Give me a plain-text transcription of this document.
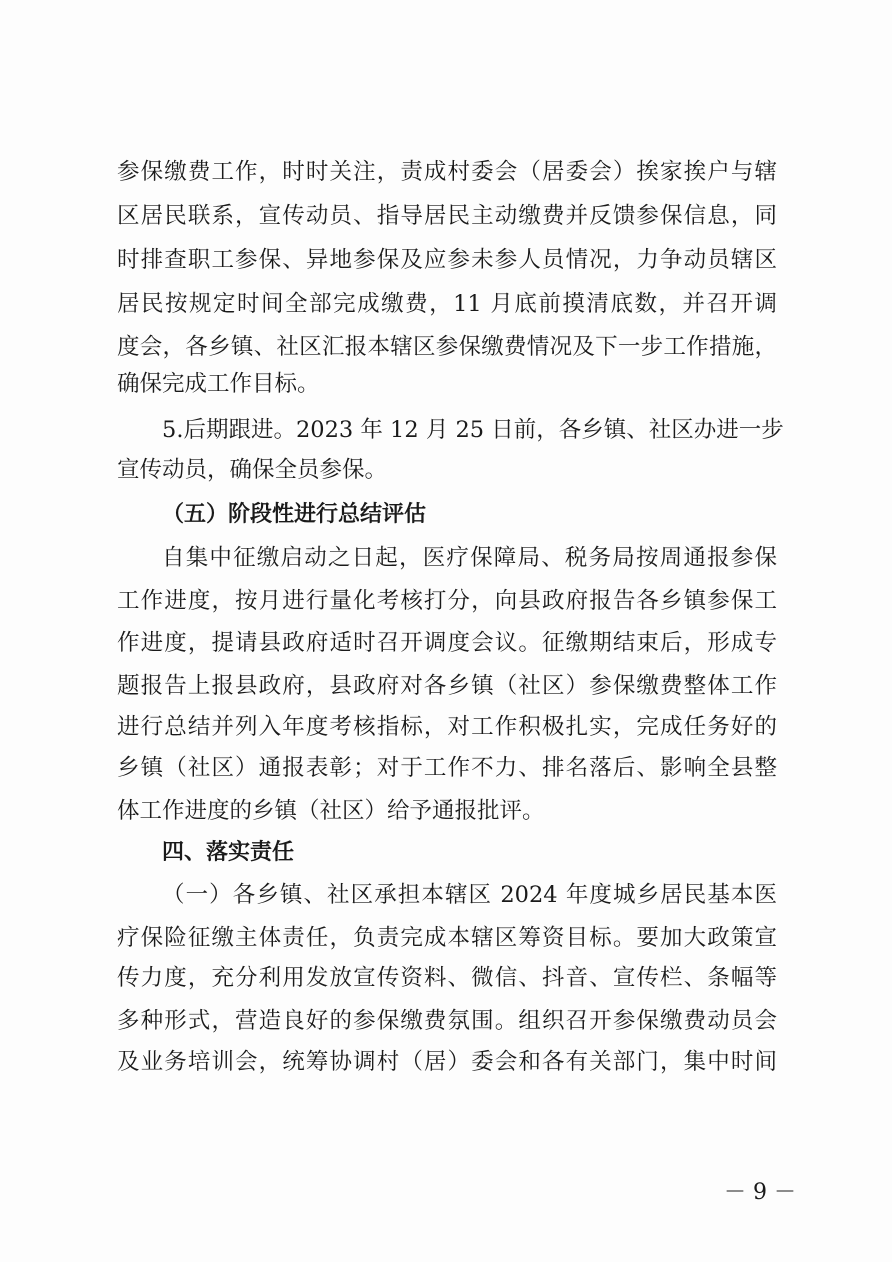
参保缴费工作，时时关注，责成村委会（居委会）挨家挨户与辖
区居民联系，宣传动员、指导居民主动缴费并反馈参保信息，同
时排查职工参保、异地参保及应参未参人员情况，力争动员辖区
居民按规定时间全部完成缴费，11 月底前摸清底数，并召开调
度会，各乡镇、社区汇报本辖区参保缴费情况及下一步工作措施，
确保完成工作目标。
5.后期跟进。2023 年 12 月 25 日前，各乡镇、社区办进一步
宣传动员，确保全员参保。
（五）阶段性进行总结评估
自集中征缴启动之日起，医疗保障局、税务局按周通报参保
工作进度，按月进行量化考核打分，向县政府报告各乡镇参保工
作进度，提请县政府适时召开调度会议。征缴期结束后，形成专
题报告上报县政府，县政府对各乡镇（社区）参保缴费整体工作
进行总结并列入年度考核指标，对工作积极扎实，完成任务好的
乡镇（社区）通报表彰；对于工作不力、排名落后、影响全县整
体工作进度的乡镇（社区）给予通报批评。
四、落实责任
（一）各乡镇、社区承担本辖区 2024 年度城乡居民基本医
疗保险征缴主体责任，负责完成本辖区筹资目标。要加大政策宣
传力度，充分利用发放宣传资料、微信、抖音、宣传栏、条幅等
多种形式，营造良好的参保缴费氛围。组织召开参保缴费动员会
及业务培训会，统筹协调村（居）委会和各有关部门，集中时间
－ 9 －
